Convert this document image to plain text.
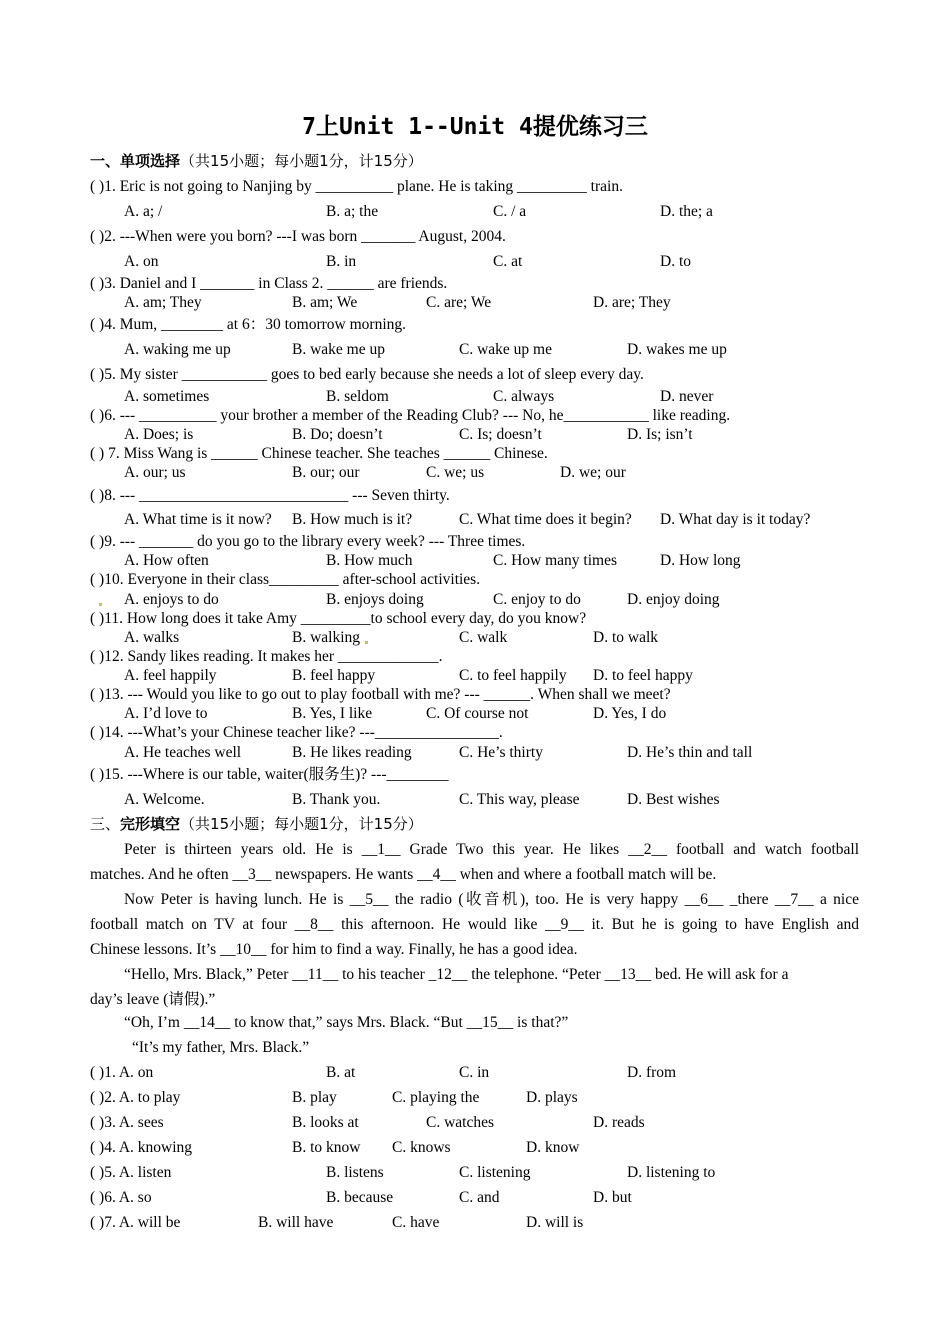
7上Unit 1--Unit 4提优练习三
一、单项选择（共15小题；每小题1分，计15分）
( )1. Eric is not going to Nanjing by __________ plane. He is taking _________ train.
A. a; /	B. a; the	C. / a	D. the; a
( )2. ---When were you born? ---I was born _______ August, 2004.
A. on	B. in	C. at	D. to
( )3. Daniel and I _______ in Class 2. ______ are friends.
A. am; They	B. am; We	C. are; We	D. are; They
( )4. Mum, ________ at 6：30 tomorrow morning.
A. waking me up	B. wake me up	C. wake up me	D. wakes me up
( )5. My sister ___________ goes to bed early because she needs a lot of sleep every day.
A. sometimes	B. seldom	C. always	D. never
( )6. --- __________ your brother a member of the Reading Club? --- No, he___________ like reading.
A. Does; is	B. Do; doesn’t	C. Is; doesn’t	D. Is; isn’t
( ) 7. Miss Wang is ______ Chinese teacher. She teaches ______ Chinese.
A. our; us	B. our; our	C. we; us	D. we; our
( )8. --- ___________________________ --- Seven thirty.
A. What time is it now? B. How much is it?	C. What time does it begin? D. What day is it today?
( )9. --- _______ do you go to the library every week? --- Three times.
A. How often	B. How much	C. How many times	D. How long
( )10. Everyone in their class_________ after-school activities.
A. enjoys to do	B. enjoys doing	C. enjoy to do	D. enjoy doing
( )11. How long does it take Amy _________to school every day, do you know?
A. walks	B. walking	C. walk	D. to walk
( )12. Sandy likes reading. It makes her _____________.
A. feel happily	B. feel happy	C. to feel happily D. to feel happy
( )13. --- Would you like to go out to play football with me? --- ______. When shall we meet?
A. I’d love to	B. Yes, I like	C. Of course not	D. Yes, I do
( )14. ---What’s your Chinese teacher like? ---________________.
A. He teaches well	B. He likes reading	C. He’s thirty	D. He’s thin and tall
( )15. ---Where is our table, waiter(服务生)? ---________
A. Welcome.	B. Thank you.	C. This way, please	D. Best wishes
三、完形填空（共15小题；每小题1分，计15分）
Peter is thirteen years old. He is __1__ Grade Two this year. He likes __2__ football and watch football
matches. And he often __3__ newspapers. He wants __4__ when and where a football match will be.
Now Peter is having lunch. He is __5__ the radio (收音机), too. He is very happy __6__ _there __7__ a nice
football match on TV at four __8__ this afternoon. He would like __9__ it. But he is going to have English and
Chinese lessons. It’s __10__ for him to find a way. Finally, he has a good idea.
“Hello, Mrs. Black,” Peter __11__ to his teacher _12__ the telephone. “Peter __13__ bed. He will ask for a
day’s leave (请假).”
“Oh, I’m __14__ to know that,” says Mrs. Black. “But __15__ is that?”
“It’s my father, Mrs. Black.”
( )1. A. on	B. at	C. in	D. from
( )2. A. to play	B. play	C. playing the	D. plays
( )3. A. sees	B. looks at	C. watches	D. reads
( )4. A. knowing	B. to know C. knows	D. know
( )5. A. listen	B. listens	C. listening	D. listening to
( )6. A. so	B. because	C. and	D. but
( )7. A. will be	B. will have	C. have	D. will is
